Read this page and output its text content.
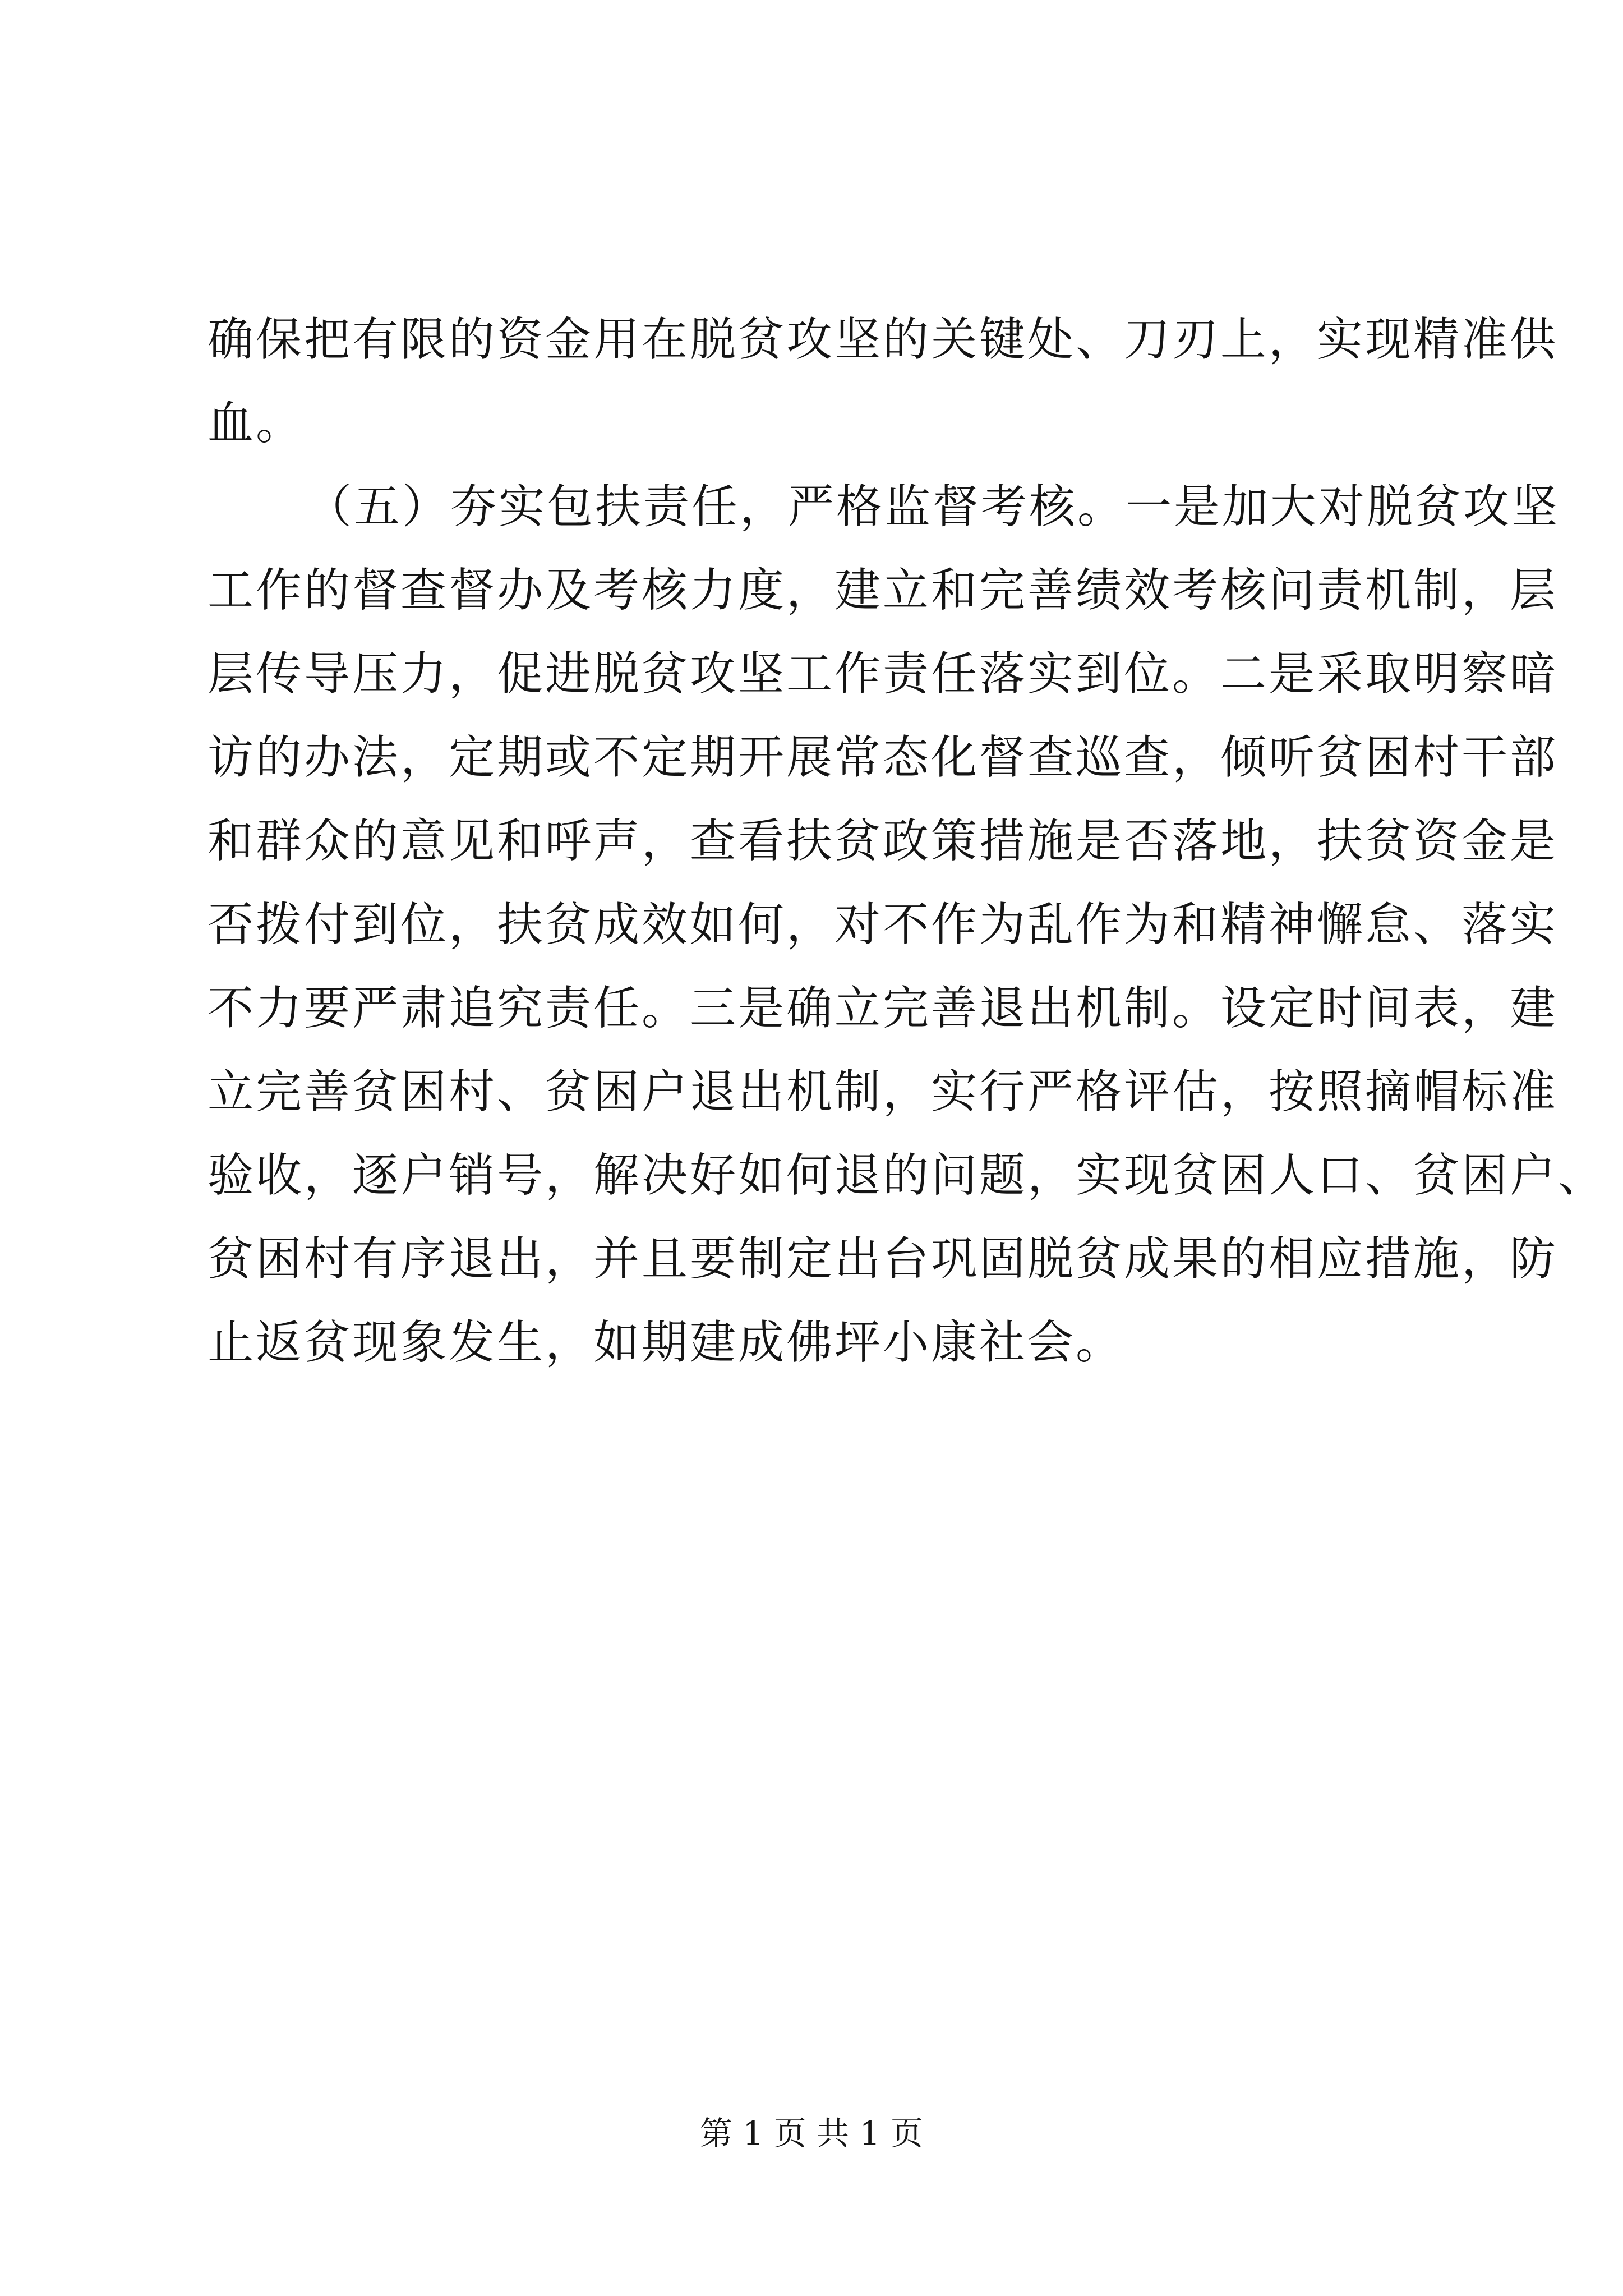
确保把有限的资金用在脱贫攻坚的关键处、刀刃上，实现精准供
血。
（五）夯实包扶责任，严格监督考核。一是加大对脱贫攻坚
工作的督查督办及考核力度，建立和完善绩效考核问责机制，层
层传导压力，促进脱贫攻坚工作责任落实到位。二是采取明察暗
访的办法，定期或不定期开展常态化督查巡查，倾听贫困村干部
和群众的意见和呼声，查看扶贫政策措施是否落地，扶贫资金是
否拨付到位，扶贫成效如何，对不作为乱作为和精神懈怠、落实
不力要严肃追究责任。三是确立完善退出机制。设定时间表，建
立完善贫困村、贫困户退出机制，实行严格评估，按照摘帽标准
验收，逐户销号，解决好如何退的问题，实现贫困人口、贫困户、
贫困村有序退出，并且要制定出台巩固脱贫成果的相应措施，防
止返贫现象发生，如期建成佛坪小康社会。
第 1 页 共 1 页
